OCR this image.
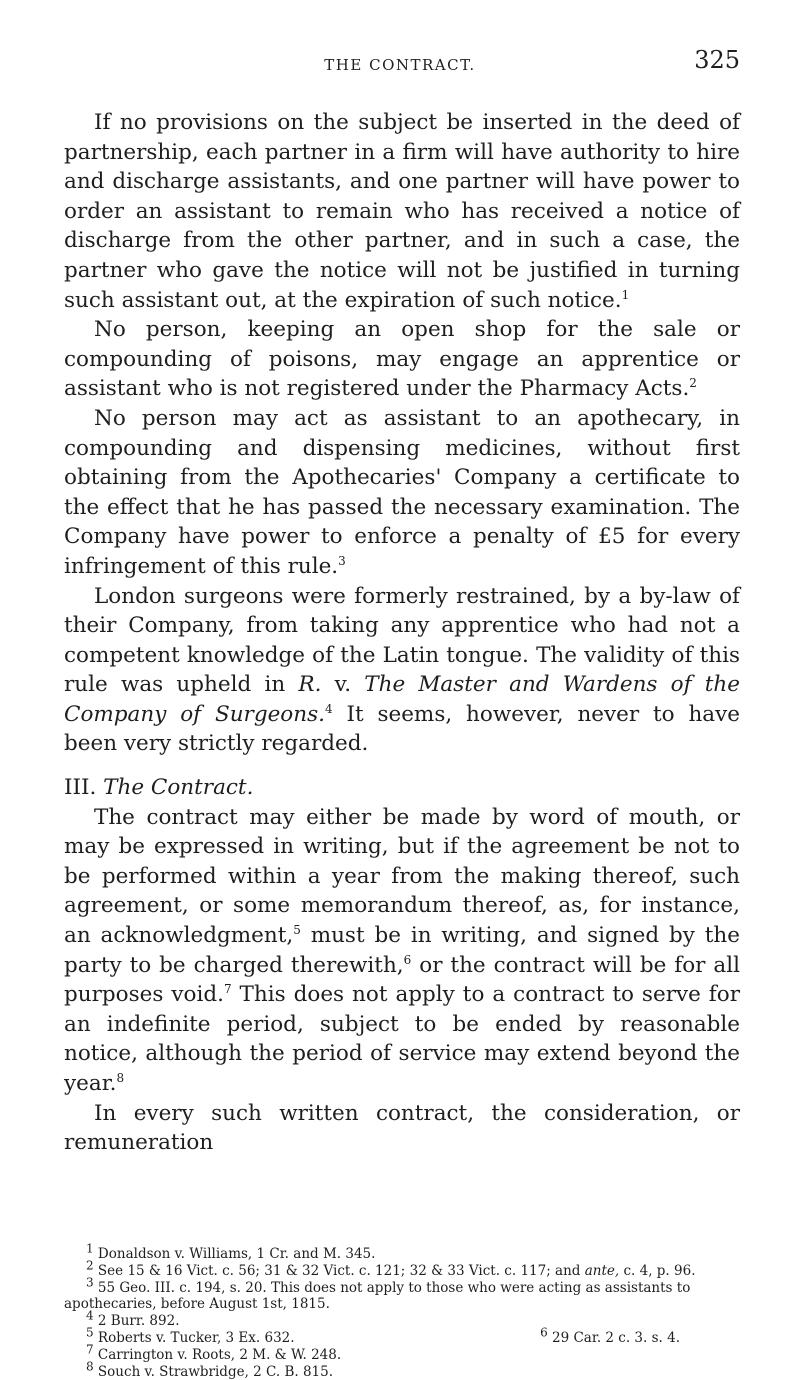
THE CONTRACT.	325

If no provisions on the subject be inserted in the deed of partnership, each partner in a firm will have authority to hire and discharge assistants, and one partner will have power to order an assistant to remain who has received a notice of discharge from the other partner, and in such a case, the partner who gave the notice will not be justified in turning such assistant out, at the expiration of such notice.$^1$

No person, keeping an open shop for the sale or compounding of poisons, may engage an apprentice or assistant who is not registered under the Pharmacy Acts.$^2$

No person may act as assistant to an apothecary, in compounding and dispensing medicines, without first obtaining from the Apothecaries' Company a certificate to the effect that he has passed the necessary examination. The Company have power to enforce a penalty of £5 for every infringement of this rule.$^3$

London surgeons were formerly restrained, by a by-law of their Company, from taking any apprentice who had not a competent knowledge of the Latin tongue. The validity of this rule was upheld in R. v. The Master and Wardens of the Company of Surgeons.$^4$ It seems, however, never to have been very strictly regarded.

III. The Contract.

The contract may either be made by word of mouth, or may be expressed in writing, but if the agreement be not to be performed within a year from the making thereof, such agreement, or some memorandum thereof, as, for instance, an acknowledgment,$^5$ must be in writing, and signed by the party to be charged therewith,$^6$ or the contract will be for all purposes void.$^7$ This does not apply to a contract to serve for an indefinite period, subject to be ended by reasonable notice, although the period of service may extend beyond the year.$^8$

In every such written contract, the consideration, or remuneration

$^1$ Donaldson v. Williams, 1 Cr. and M. 345.

$^2$ See 15 & 16 Vict. c. 56; 31 & 32 Vict. c. 121; 32 & 33 Vict. c. 117; and ante, c. 4, p. 96.

$^3$ 55 Geo. III. c. 194, s. 20. This does not apply to those who were acting as assistants to apothecaries, before August 1st, 1815.

$^4$ 2 Burr. 892.

$^5$ Roberts v. Tucker, 3 Ex. 632.	$^6$ 29 Car. 2 c. 3. s. 4.

$^7$ Carrington v. Roots, 2 M. & W. 248.

$^8$ Souch v. Strawbridge, 2 C. B. 815.
